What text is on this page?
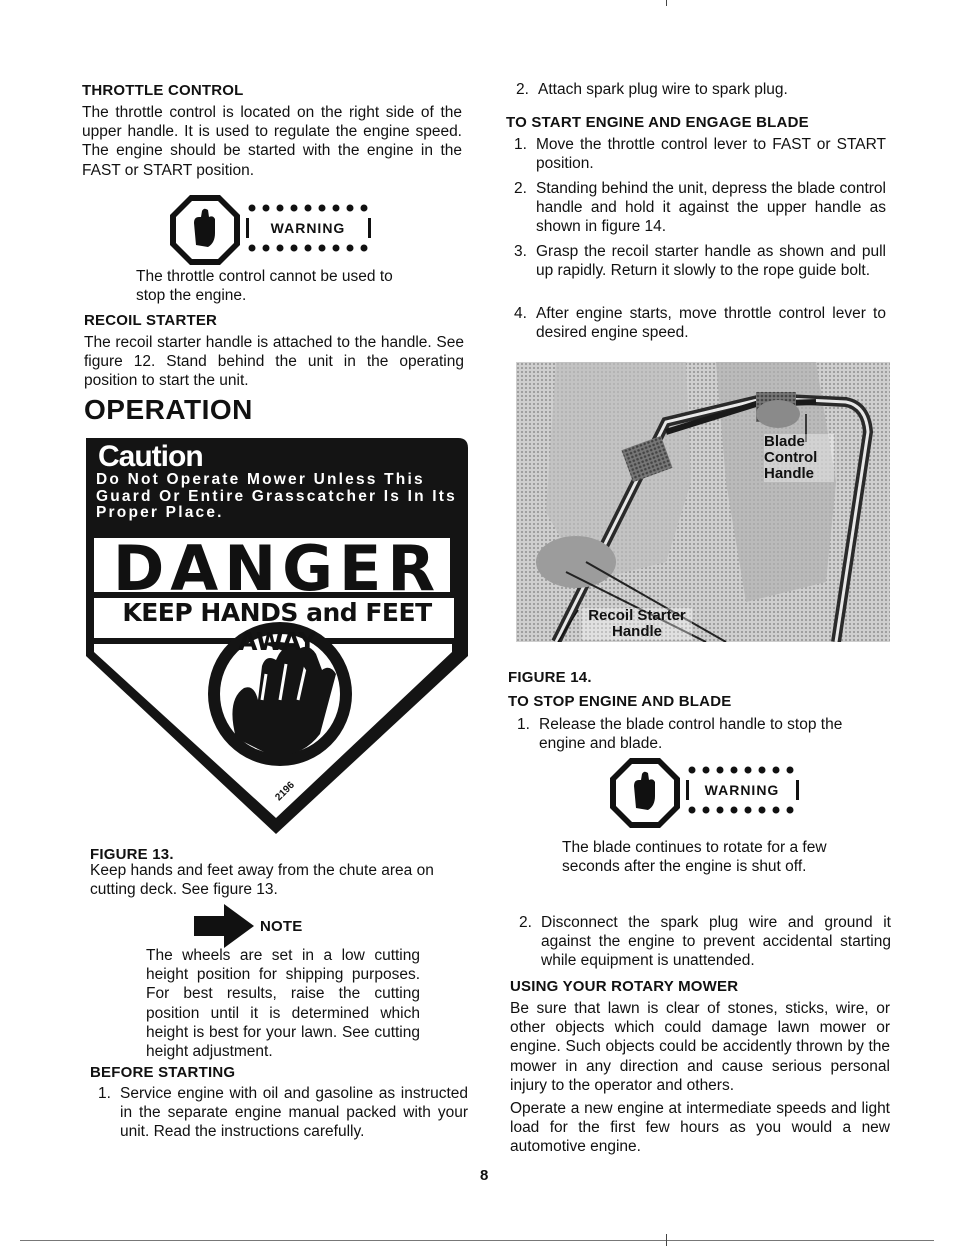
THROTTLE CONTROL
The throttle control is located on the right side of the upper handle. It is used to regulate the engine speed. The engine should be started with the engine in the FAST or START position.
WARNING
The throttle control cannot be used to stop the engine.
RECOIL STARTER
The recoil starter handle is attached to the handle. See figure 12. Stand behind the unit in the operating position to start the unit.
OPERATION
Caution
Do Not Operate Mower Unless This Guard Or Entire Grasscatcher Is In Its Proper Place.
DANGER
KEEP HANDS and FEET AWAY
2196
FIGURE 13.
Keep hands and feet away from the chute area on cutting deck. See figure 13.
NOTE
The wheels are set in a low cutting height position for shipping purposes. For best results, raise the cutting position until it is determined which height is best for your lawn. See cutting height adjustment.
BEFORE STARTING
1. Service engine with oil and gasoline as instructed in the separate engine manual packed with your unit. Read the instructions carefully.
2. Attach spark plug wire to spark plug.
TO START ENGINE AND ENGAGE BLADE
1. Move the throttle control lever to FAST or START position.
2. Standing behind the unit, depress the blade control handle and hold it against the upper handle as shown in figure 14.
3. Grasp the recoil starter handle as shown and pull up rapidly. Return it slowly to the rope guide bolt.
4. After engine starts, move throttle control lever to desired engine speed.
Blade Control Handle
Recoil Starter Handle
FIGURE 14.
TO STOP ENGINE AND BLADE
1. Release the blade control handle to stop the engine and blade.
WARNING
The blade continues to rotate for a few seconds after the engine is shut off.
2. Disconnect the spark plug wire and ground it against the engine to prevent accidental starting while equipment is unattended.
USING YOUR ROTARY MOWER
Be sure that lawn is clear of stones, sticks, wire, or other objects which could damage lawn mower or engine. Such objects could be accidently thrown by the mower in any direction and cause serious personal injury to the operator and others.
Operate a new engine at intermediate speeds and light load for the first few hours as you would a new automotive engine.
8
